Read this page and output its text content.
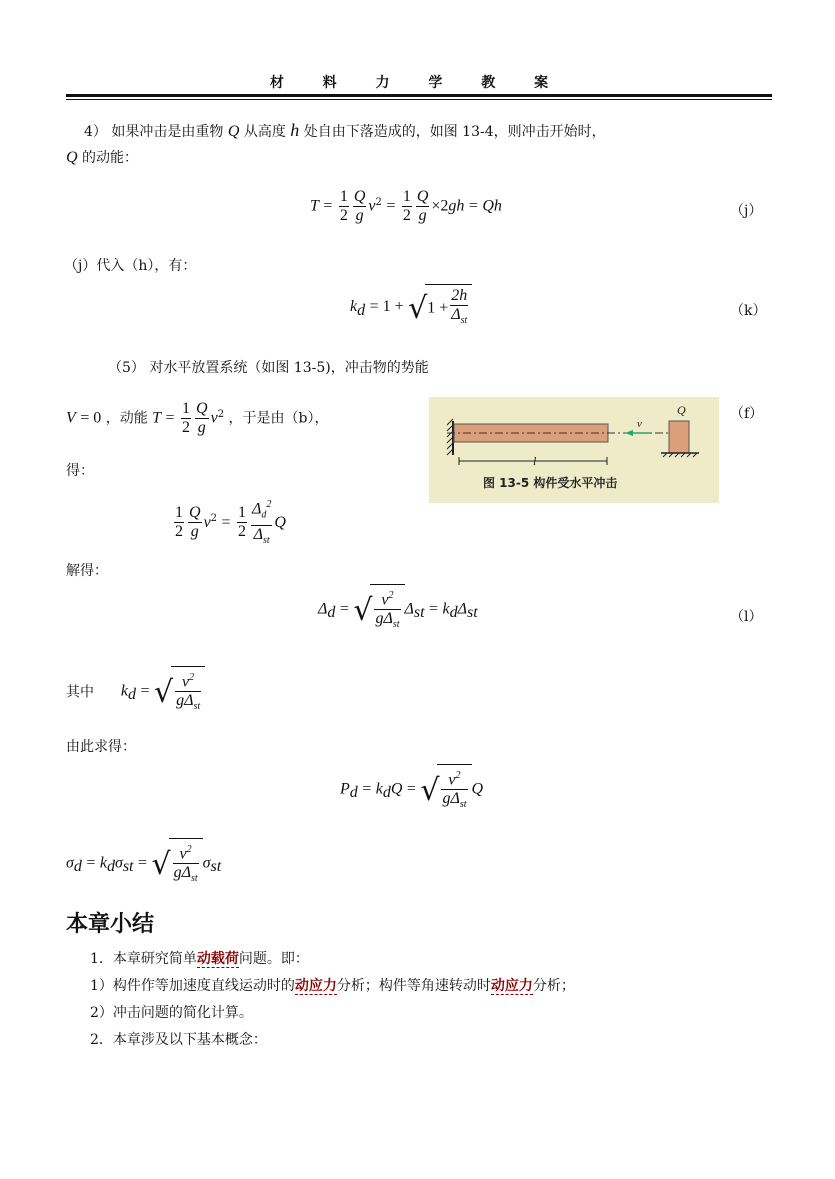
材 料 力 学 教 案
4） 如果冲击是由重物 Q 从高度 h 处自由下落造成的，如图 13-4，则冲击开始时，
Q 的动能：
$T = \frac{1}{2} \frac{Q}{g} v^2 = \frac{1}{2} \frac{Q}{g} \times 2gh = Qh$	（j）
（j）代入（h），有：
$k_d = 1 + √1 + \frac{2h}{\Delta_{st}}$	（k）
（5） 对水平放置系统（如图 13-5)，冲击物的势能
V = 0 ，动能 $T = \frac{1}{2} \frac{Q}{g} v^2$ ，于是由（b），	（f）
得：
Q
v
l
图 13-5 构件受水平冲击
$\frac{1}{2} \frac{Q}{g} v^2 = \frac{1}{2} \frac{\Delta_d^2}{\Delta_{st}}$ Q
解得：
$\Delta_d$ = √ $\frac{v^2}{g\Delta_{st}} \Delta_{st} = k_d\Delta_{st}$	（l）
其中 $k_d$ = √ $\frac{v^2}{g\Delta_{st}}$
由此求得：
$P_d = k_dQ$ = √ $\frac{v^2}{g\Delta_{st}}$ Q
$\sigma_d = k_d\sigma_{st}$ = √ $\frac{v^2}{g\Delta_{st}} \sigma_{st}$
本章小结
1．本章研究简单动载荷问题。即：
1）构件作等加速度直线运动时的动应力分析；构件等角速转动时动应力分析；
2）冲击问题的简化计算。
2．本章涉及以下基本概念：
